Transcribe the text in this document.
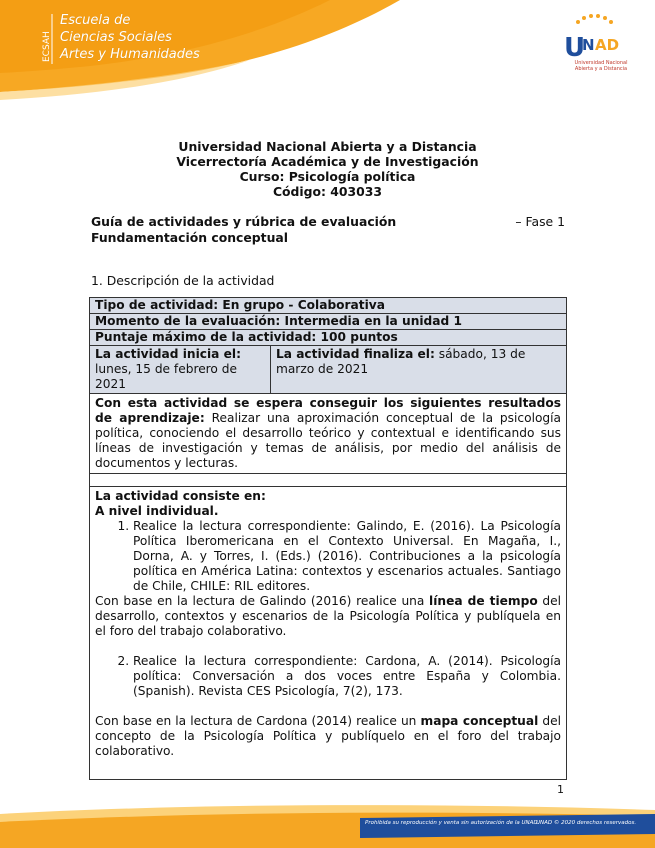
ECSAH
Escuela de
Ciencias Sociales
Artes y Humanidades	U
N AD
Universidad Nacional
Abierta y a Distancia
Universidad Nacional Abierta y a Distancia
Vicerrectoría Académica y de Investigación
Curso: Psicología política
Código: 403033
Guía de actividades y rúbrica de evaluación	– Fase 1
Fundamentación conceptual
1. Descripción de la actividad
Tipo de actividad: En grupo - Colaborativa
Momento de la evaluación: Intermedia en la unidad 1
Puntaje máximo de la actividad: 100 puntos
La actividad inicia el: lunes, 15 de febrero de 2021
La actividad finaliza el: sábado, 13 de marzo de 2021
Con esta actividad se espera conseguir los siguientes resultados de aprendizaje: Realizar una aproximación conceptual de la psicología política, conociendo el desarrollo teórico y contextual e identificando sus líneas de investigación y temas de análisis, por medio del análisis de documentos y lecturas.

La actividad consiste en:

A nivel individual.

1. Realice la lectura correspondiente: Galindo, E. (2016). La Psicología Política Iberomericana en el Contexto Universal. En Magaña, I., Dorna, A. y Torres, I. (Eds.) (2016). Contribuciones a la psicología política en América Latina: contextos y escenarios actuales. Santiago de Chile, CHILE: RIL editores.

Con base en la lectura de Galindo (2016) realice una línea de tiempo del desarrollo, contextos y escenarios de la Psicología Política y publíquela en el foro del trabajo colaborativo.

2. Realice la lectura correspondiente: Cardona, A. (2014). Psicología política: Conversación a dos voces entre España y Colombia. (Spanish). Revista CES Psicología, 7(2), 173.

Con base en la lectura de Cardona (2014) realice un mapa conceptual del concepto de la Psicología Política y publíquelo en el foro del trabajo colaborativo.

1
Prohibida su reproducción y venta sin autorización de la UNAD.
UNAD © 2020 derechos reservados.
